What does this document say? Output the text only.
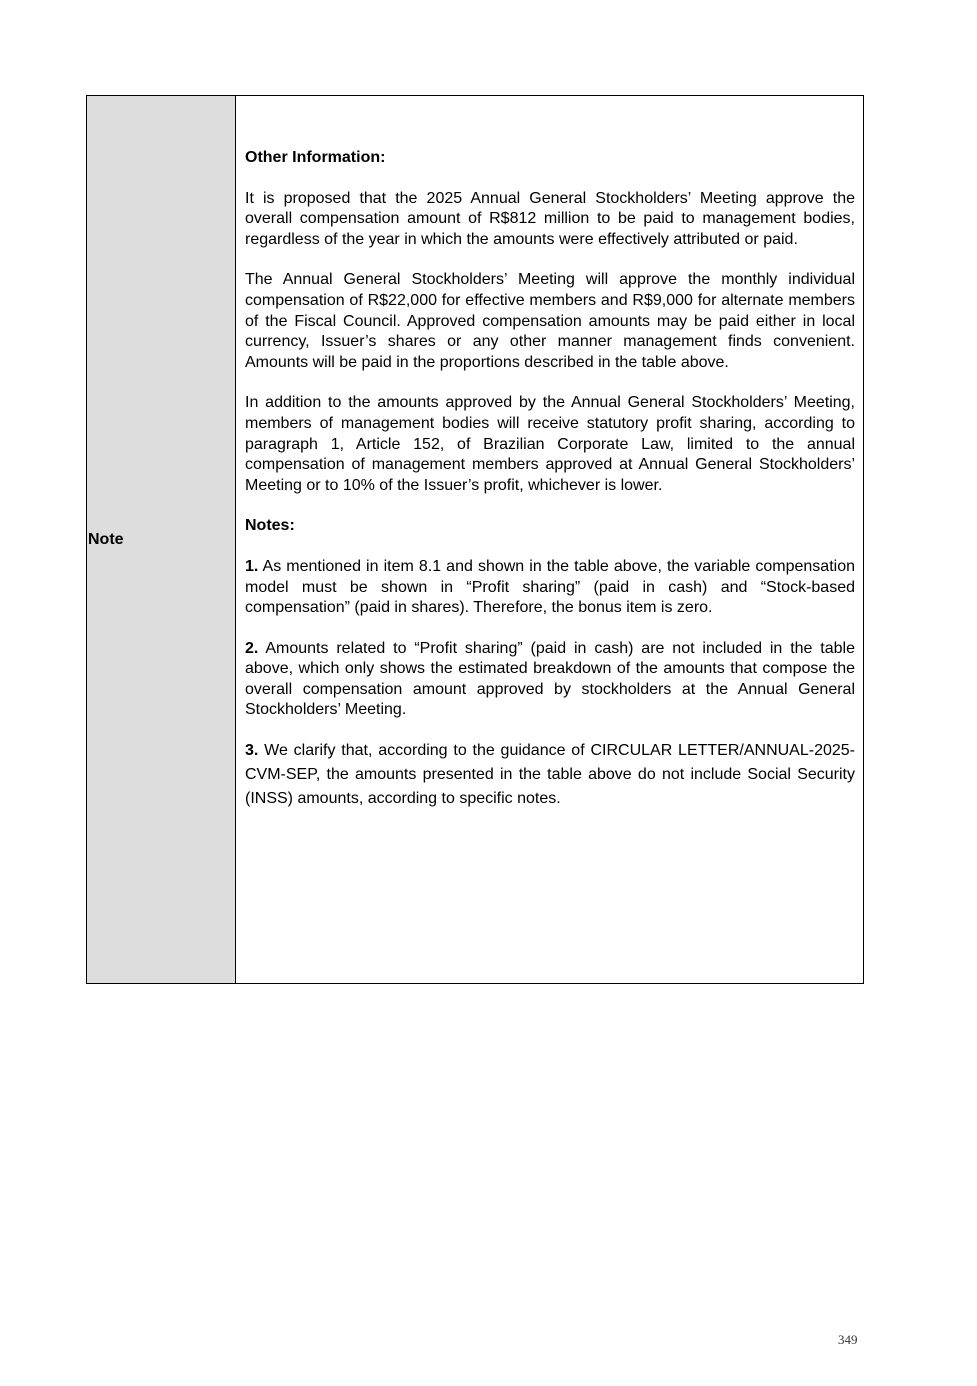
Note

Other Information:

It is proposed that the 2025 Annual General Stockholders’ Meeting approve the overall compensation amount of R$812 million to be paid to management bodies, regardless of the year in which the amounts were effectively attributed or paid.

The Annual General Stockholders’ Meeting will approve the monthly individual compensation of R$22,000 for effective members and R$9,000 for alternate members of the Fiscal Council. Approved compensation amounts may be paid either in local currency, Issuer’s shares or any other manner management finds convenient. Amounts will be paid in the proportions described in the table above.

In addition to the amounts approved by the Annual General Stockholders’ Meeting, members of management bodies will receive statutory profit sharing, according to paragraph 1, Article 152, of Brazilian Corporate Law, limited to the annual compensation of management members approved at Annual General Stockholders’ Meeting or to 10% of the Issuer’s profit, whichever is lower.

Notes:

1. As mentioned in item 8.1 and shown in the table above, the variable compensation model must be shown in “Profit sharing” (paid in cash) and “Stock-based compensation” (paid in shares). Therefore, the bonus item is zero.

2. Amounts related to “Profit sharing” (paid in cash) are not included in the table above, which only shows the estimated breakdown of the amounts that compose the overall compensation amount approved by stockholders at the Annual General Stockholders’ Meeting.

3. We clarify that, according to the guidance of CIRCULAR LETTER/ANNUAL-2025-CVM-SEP, the amounts presented in the table above do not include Social Security (INSS) amounts, according to specific notes.

349
